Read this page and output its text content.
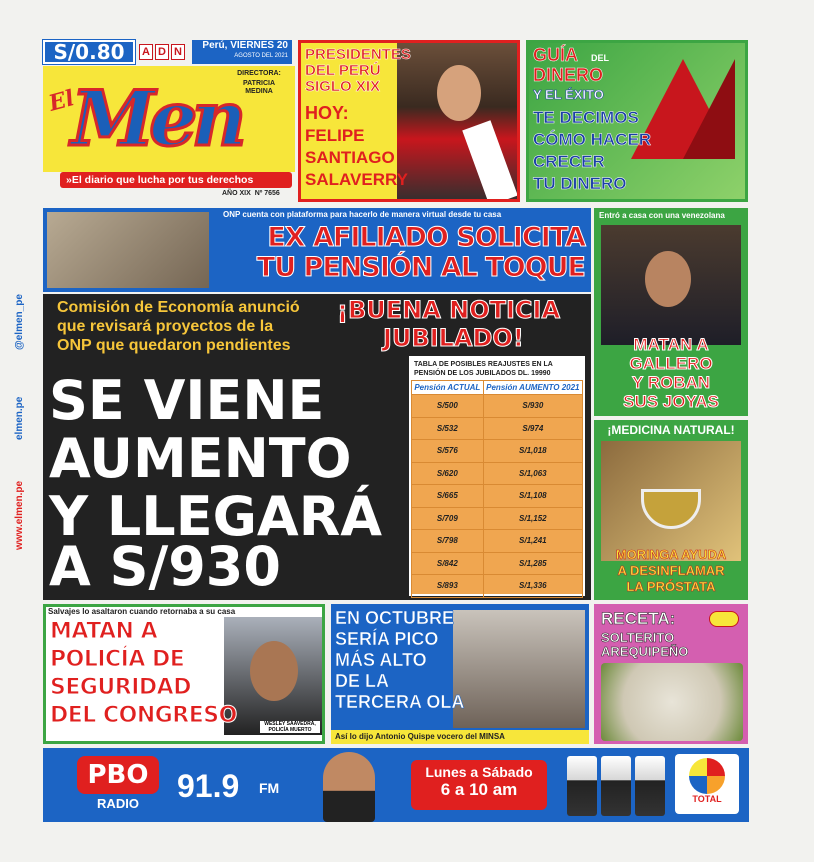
www.elmen.pe
elmen.pe
@elmen_pe
S/0.80	A D N
Perú, VIERNES 20
AGOSTO DEL 2021
El
Men
DIRECTORA:
PATRICIA MEDINA
»El diario que lucha por tus derechos
AÑO XIX Nº 7656
PRESIDENTES
DEL PERÚ
SIGLO XIX
HOY:
FELIPE
SANTIAGO
SALAVERRY
GUÍA DEL
DINERO
Y EL ÉXITO
TE DECIMOS
CÓMO HACER
CRECER
TU DINERO
ONP cuenta con plataforma para hacerlo de manera virtual desde tu casa
EX AFILIADO SOLICITA
TU PENSIÓN AL TOQUE
Entró a casa con una venezolana
MATAN A
GALLERO
Y ROBAN
SUS JOYAS
Comisión de Economía anunció
que revisará proyectos de la
ONP que quedaron pendientes
¡BUENA NOTICIA
JUBILADO!
SE VIENE
AUMENTO
Y LLEGARÁ
A S/930
TABLA DE POSIBLES REAJUSTES EN LA PENSIÓN DE LOS JUBILADOS DL. 19990
Pensión ACTUAL	Pensión AUMENTO 2021
S/500	S/930
S/532	S/974
S/576	S/1,018
S/620	S/1,063
S/665	S/1,108
S/709	S/1,152
S/798	S/1,241
S/842	S/1,285
S/893	S/1,336
¡MEDICINA NATURAL!
MORINGA AYUDA
A DESINFLAMAR
LA PRÓSTATA
Salvajes lo asaltaron cuando retornaba a su casa
WESLEY SAAVEDRA, POLICÍA MUERTO
MATAN A
POLICÍA DE
SEGURIDAD
DEL CONGRESO
EN OCTUBRE
SERÍA PICO
MÁS ALTO
DE LA
TERCERA OLA
Así lo dijo Antonio Quispe vocero del MINSA
RECETA:
SOLTERITO
AREQUIPEÑO
PBO
RADIO	91.9 FM
Lunes a Sábado
6 a 10 am	TOTAL
